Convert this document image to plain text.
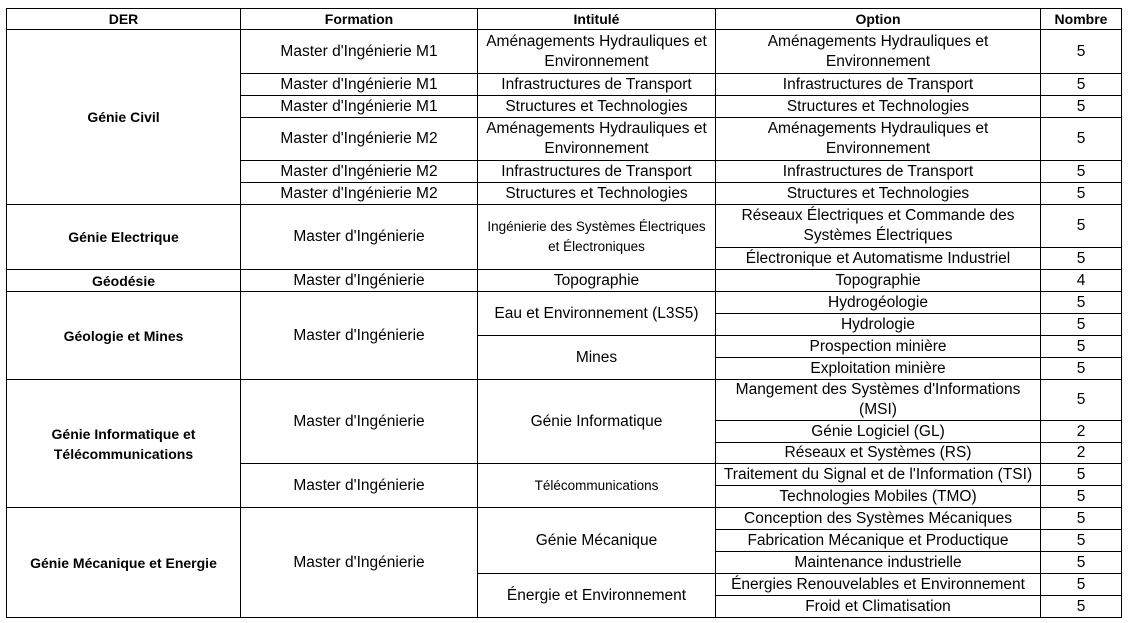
DER	Formation	Intitulé	Option	Nombre
Génie Civil	Master d'Ingénierie M1	Aménagements Hydrauliques et Environnement	Aménagements Hydrauliques et Environnement	5
	Master d'Ingénierie M1	Infrastructures de Transport	Infrastructures de Transport	5
	Master d'Ingénierie M1	Structures et Technologies	Structures et Technologies	5
	Master d'Ingénierie M2	Aménagements Hydrauliques et Environnement	Aménagements Hydrauliques et Environnement	5
	Master d'Ingénierie M2	Infrastructures de Transport	Infrastructures de Transport	5
	Master d'Ingénierie M2	Structures et Technologies	Structures et Technologies	5
Génie Electrique	Master d'Ingénierie	Ingénierie des Systèmes Électriques et Électroniques	Réseaux Électriques et Commande des Systèmes Électriques	5
			Électronique et Automatisme Industriel	5
Géodésie	Master d'Ingénierie	Topographie	Topographie	4
Géologie et Mines	Master d'Ingénierie	Eau et Environnement (L3S5)	Hydrogéologie	5
			Hydrologie	5
		Mines	Prospection minière	5
			Exploitation minière	5
Génie Informatique et Télécommunications	Master d'Ingénierie	Génie Informatique	Mangement des Systèmes d'Informations (MSI)	5
			Génie Logiciel (GL)	2
			Réseaux et Systèmes (RS)	2
	Master d'Ingénierie	Télécommunications	Traitement du Signal et de l'Information (TSI)	5
			Technologies Mobiles (TMO)	5
Génie Mécanique et Energie	Master d'Ingénierie	Génie Mécanique	Conception des Systèmes Mécaniques	5
			Fabrication Mécanique et Productique	5
			Maintenance industrielle	5
		Énergie et Environnement	Énergies Renouvelables et Environnement	5
			Froid et Climatisation	5
